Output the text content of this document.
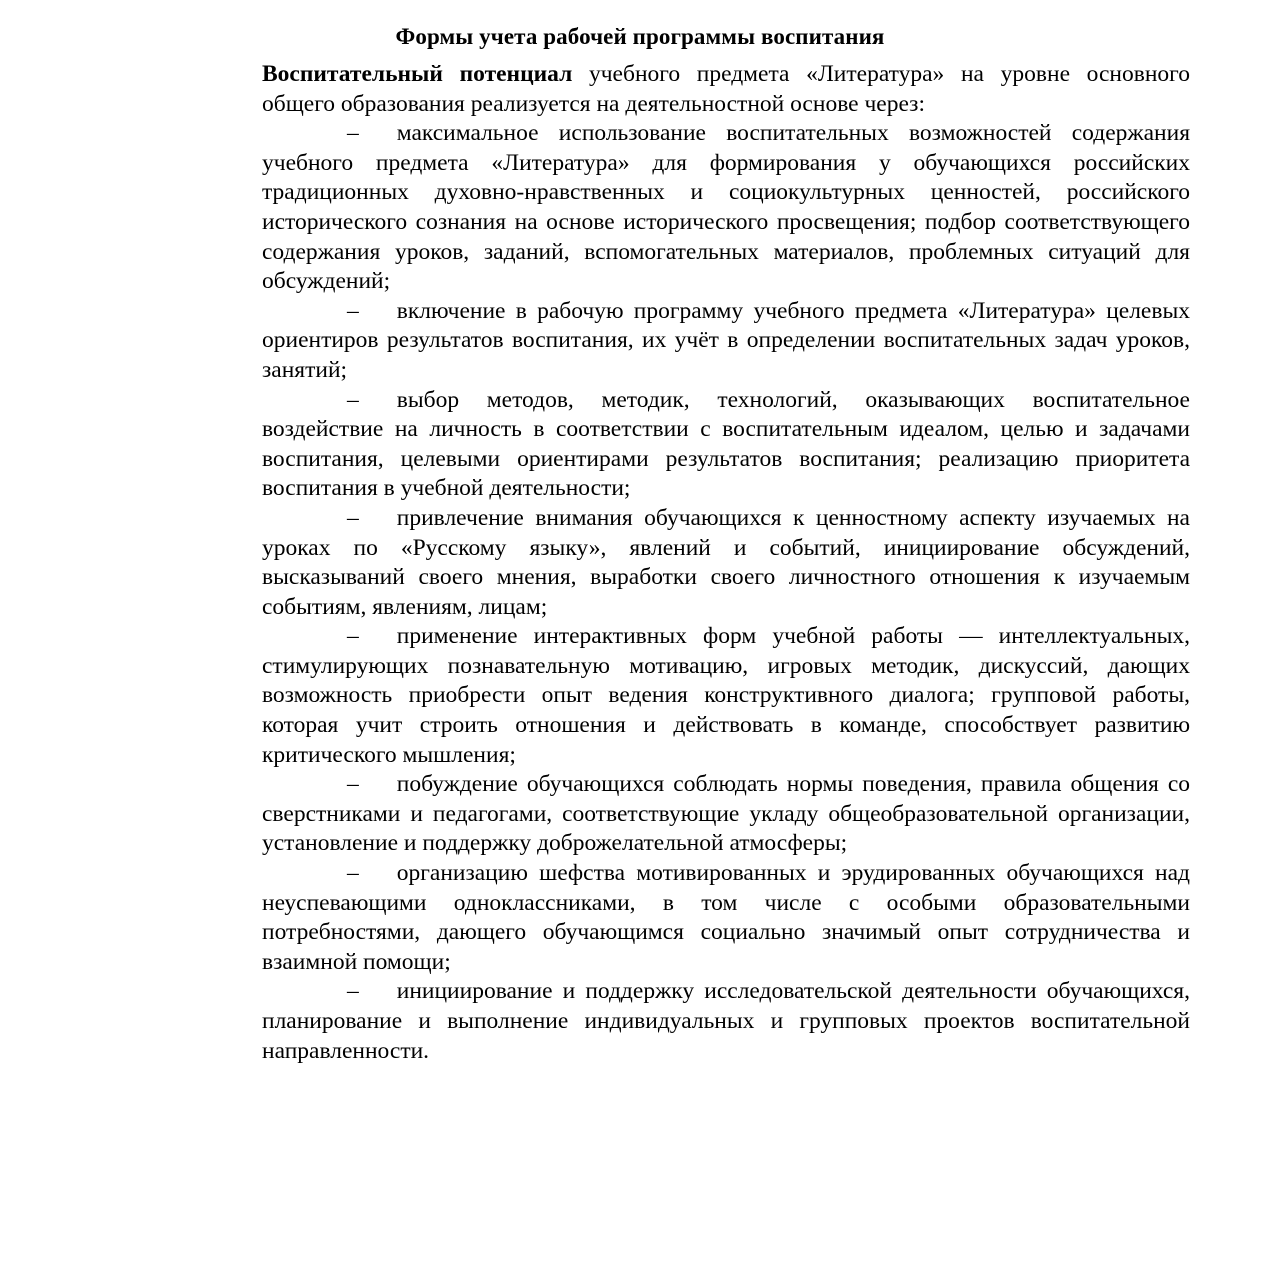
Формы учета рабочей программы воспитания

Воспитательный потенциал учебного предмета «Литература» на уровне основного общего образования реализуется на деятельностной основе через:

– максимальное использование воспитательных возможностей содержания учебного предмета «Литература» для формирования у обучающихся российских традиционных духовно-нравственных и социокультурных ценностей, российского исторического сознания на основе исторического просвещения; подбор соответствующего содержания уроков, заданий, вспомогательных материалов, проблемных ситуаций для обсуждений;

– включение в рабочую программу учебного предмета «Литература» целевых ориентиров результатов воспитания, их учёт в определении воспитательных задач уроков, занятий;

– выбор методов, методик, технологий, оказывающих воспитательное воздействие на личность в соответствии с воспитательным идеалом, целью и задачами воспитания, целевыми ориентирами результатов воспитания; реализацию приоритета воспитания в учебной деятельности;

– привлечение внимания обучающихся к ценностному аспекту изучаемых на уроках по «Русскому языку», явлений и событий, инициирование обсуждений, высказываний своего мнения, выработки своего личностного отношения к изучаемым событиям, явлениям, лицам;

– применение интерактивных форм учебной работы — интеллектуальных, стимулирующих познавательную мотивацию, игровых методик, дискуссий, дающих возможность приобрести опыт ведения конструктивного диалога; групповой работы, которая учит строить отношения и действовать в команде, способствует развитию критического мышления;

– побуждение обучающихся соблюдать нормы поведения, правила общения со сверстниками и педагогами, соответствующие укладу общеобразовательной организации, установление и поддержку доброжелательной атмосферы;

– организацию шефства мотивированных и эрудированных обучающихся над неуспевающими одноклассниками, в том числе с особыми образовательными потребностями, дающего обучающимся социально значимый опыт сотрудничества и взаимной помощи;

– инициирование и поддержку исследовательской деятельности обучающихся, планирование и выполнение индивидуальных и групповых проектов воспитательной направленности.
